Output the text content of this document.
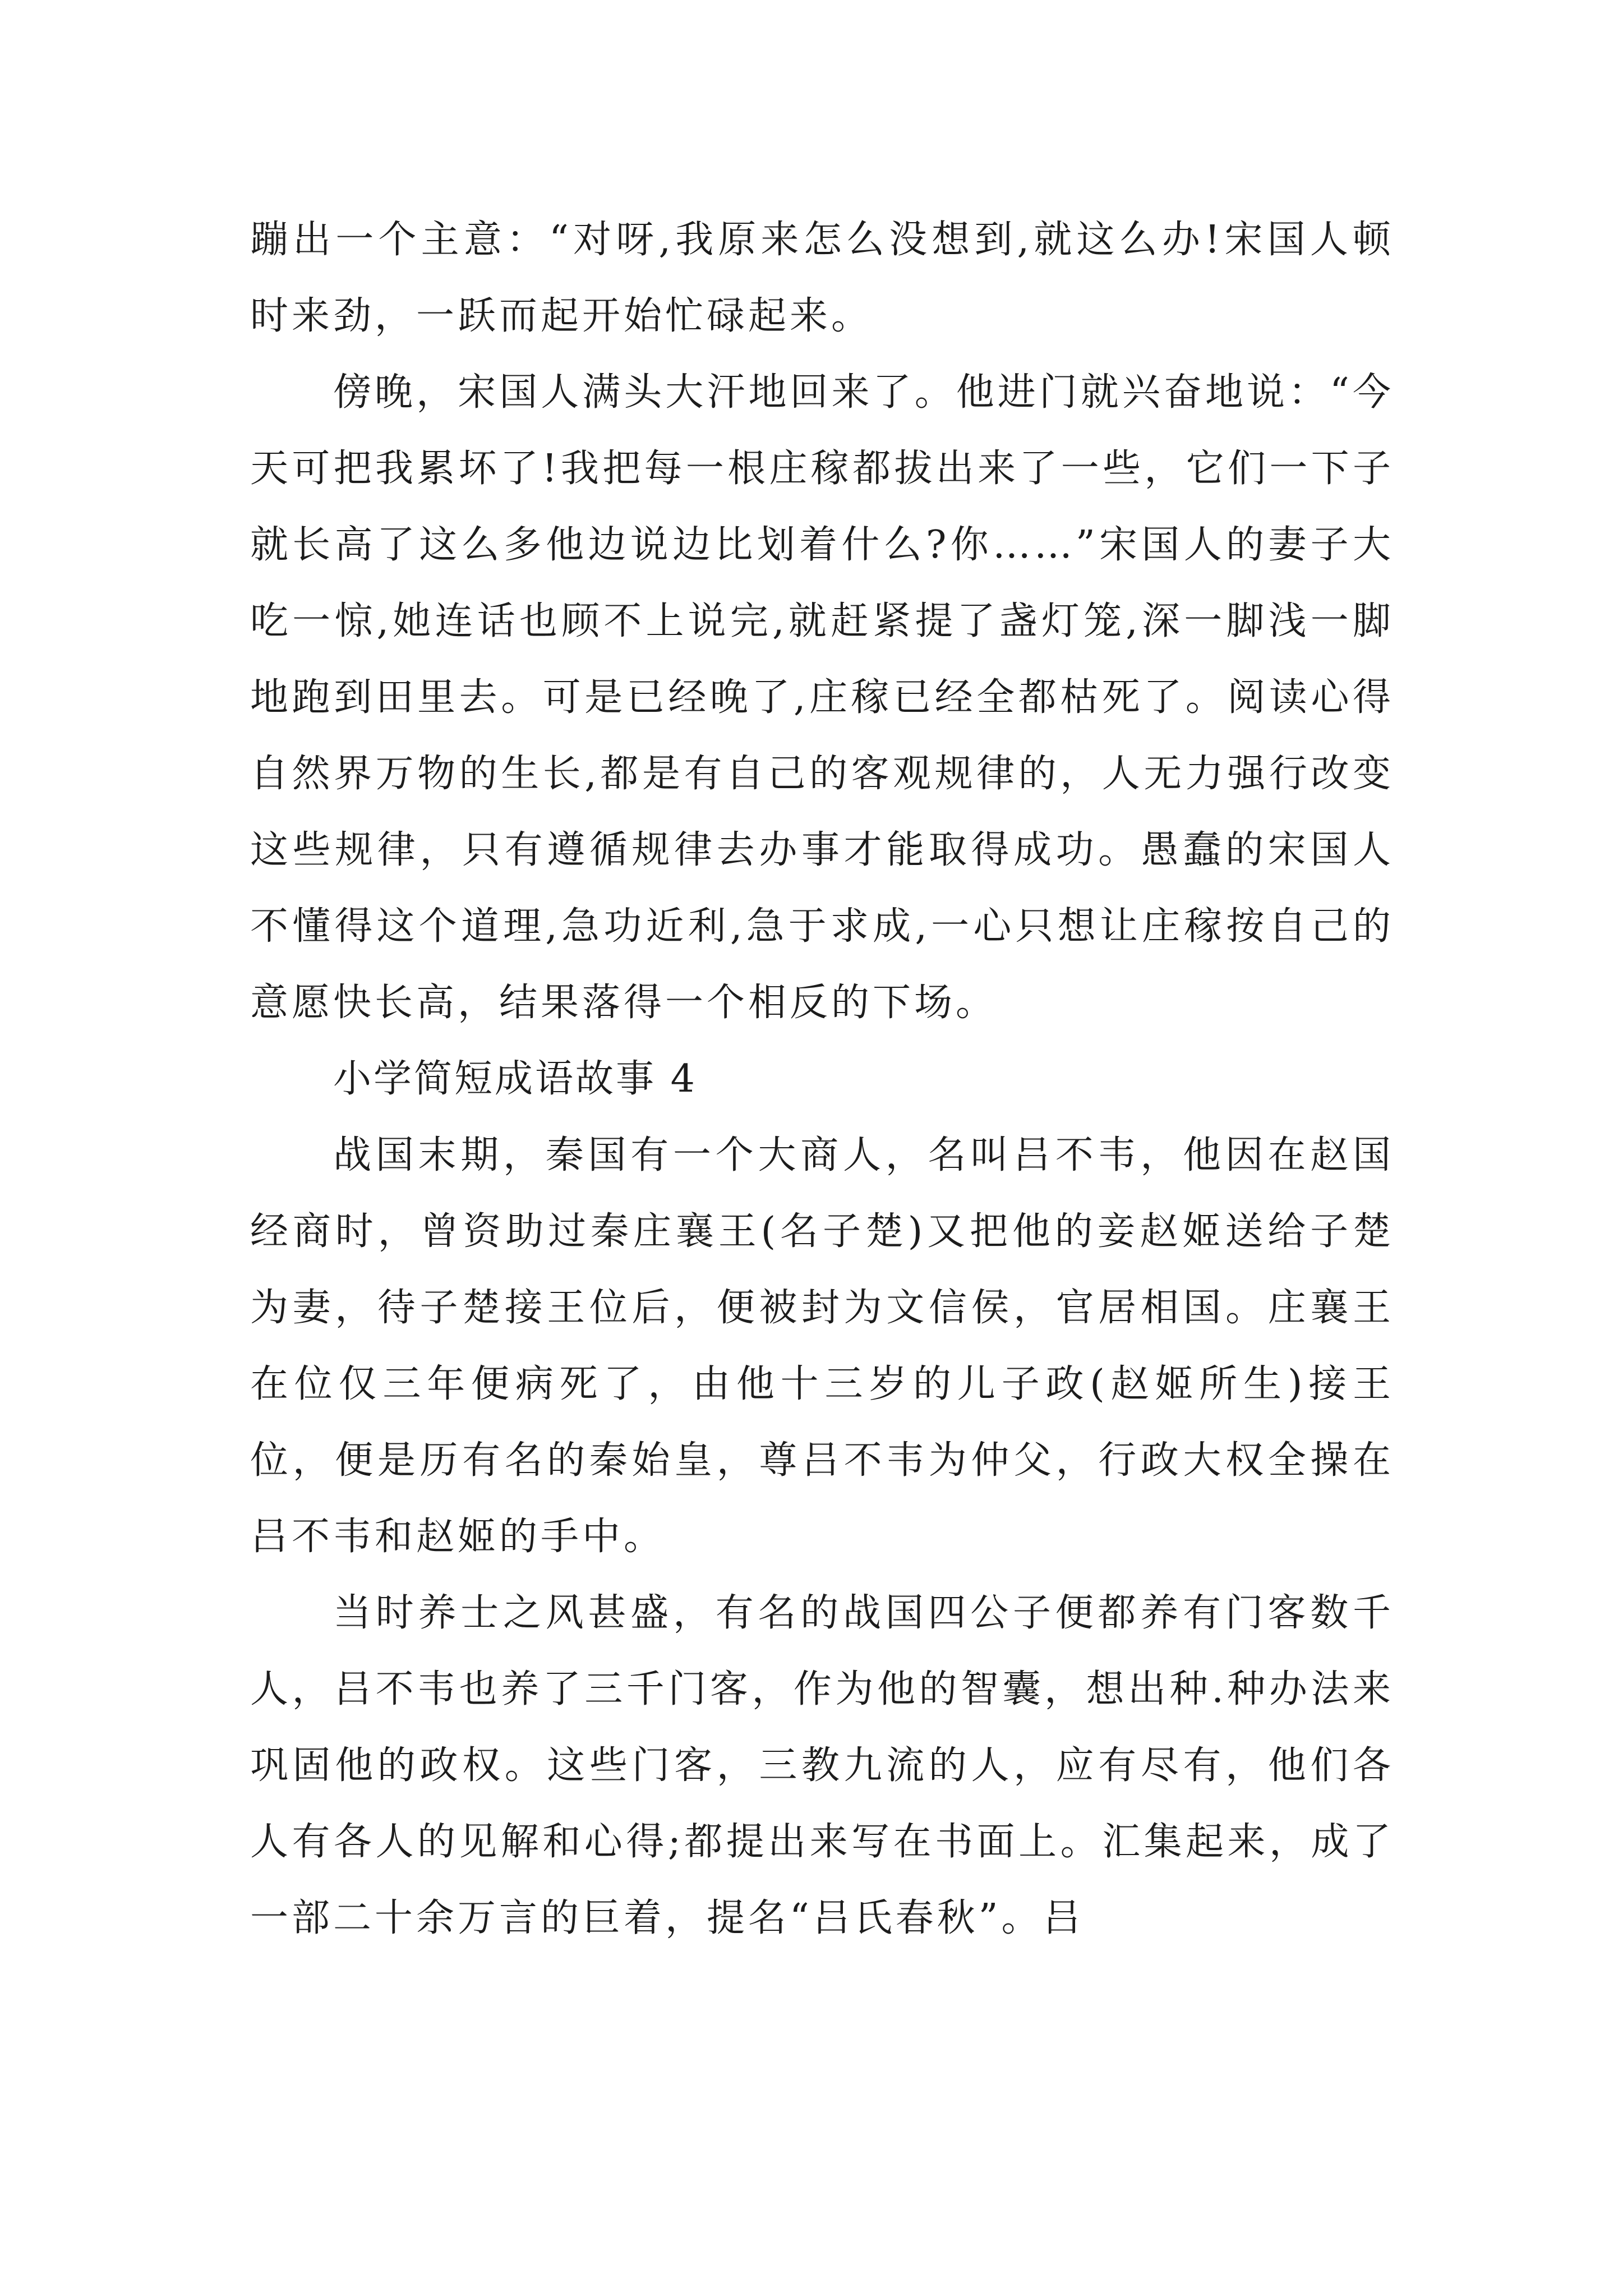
蹦出一个主意：“对呀,我原来怎么没想到,就这么办!宋国人顿时来劲，一跃而起开始忙碌起来。

傍晚，宋国人满头大汗地回来了。他进门就兴奋地说：“今天可把我累坏了!我把每一根庄稼都拔出来了一些，它们一下子就长高了这么多他边说边比划着什么?你……”宋国人的妻子大吃一惊,她连话也顾不上说完,就赶紧提了盏灯笼,深一脚浅一脚地跑到田里去。可是已经晚了,庄稼已经全都枯死了。阅读心得自然界万物的生长,都是有自己的客观规律的，人无力强行改变这些规律，只有遵循规律去办事才能取得成功。愚蠢的宋国人不懂得这个道理,急功近利,急于求成,一心只想让庄稼按自己的意愿快长高，结果落得一个相反的下场。

小学简短成语故事 4

战国末期，秦国有一个大商人，名叫吕不韦，他因在赵国经商时，曾资助过秦庄襄王(名子楚)又把他的妾赵姬送给子楚为妻，待子楚接王位后，便被封为文信侯，官居相国。庄襄王在位仅三年便病死了，由他十三岁的儿子政(赵姬所生)接王位，便是历有名的秦始皇，尊吕不韦为仲父，行政大权全操在吕不韦和赵姬的手中。

当时养士之风甚盛，有名的战国四公子便都养有门客数千人，吕不韦也养了三千门客，作为他的智囊，想出种.种办法来巩固他的政权。这些门客，三教九流的人，应有尽有，他们各人有各人的见解和心得;都提出来写在书面上。汇集起来，成了一部二十余万言的巨着，提名“吕氏春秋”。吕
